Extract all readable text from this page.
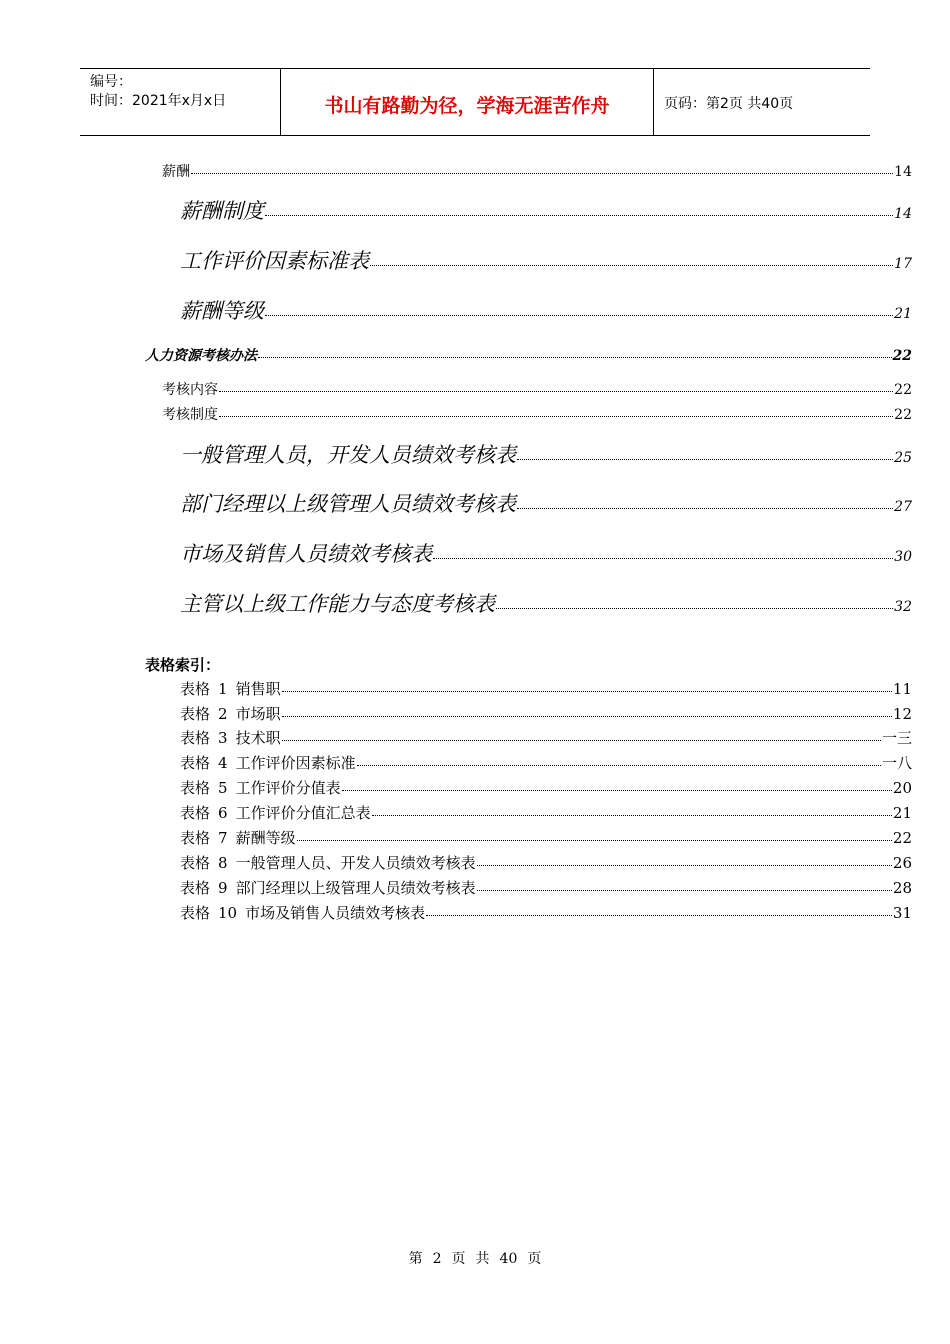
编号：
时间：2021年x月x日	书山有路勤为径，学海无涯苦作舟	页码：第2页 共40页
薪酬	14
薪酬制度	14
工作评价因素标准表	17
薪酬等级	21
人力资源考核办法	22
考核内容	22
考核制度	22
一般管理人员，开发人员绩效考核表	25
部门经理以上级管理人员绩效考核表	27
市场及销售人员绩效考核表	30
主管以上级工作能力与态度考核表	32
表格索引：
表格 1 销售职	11
表格 2 市场职	12
表格 3 技术职	一三
表格 4 工作评价因素标准	一八
表格 5 工作评价分值表	20
表格 6 工作评价分值汇总表	21
表格 7 薪酬等级	22
表格 8 一般管理人员、开发人员绩效考核表	26
表格 9 部门经理以上级管理人员绩效考核表	28
表格 10 市场及销售人员绩效考核表	31
第 2 页 共 40 页
